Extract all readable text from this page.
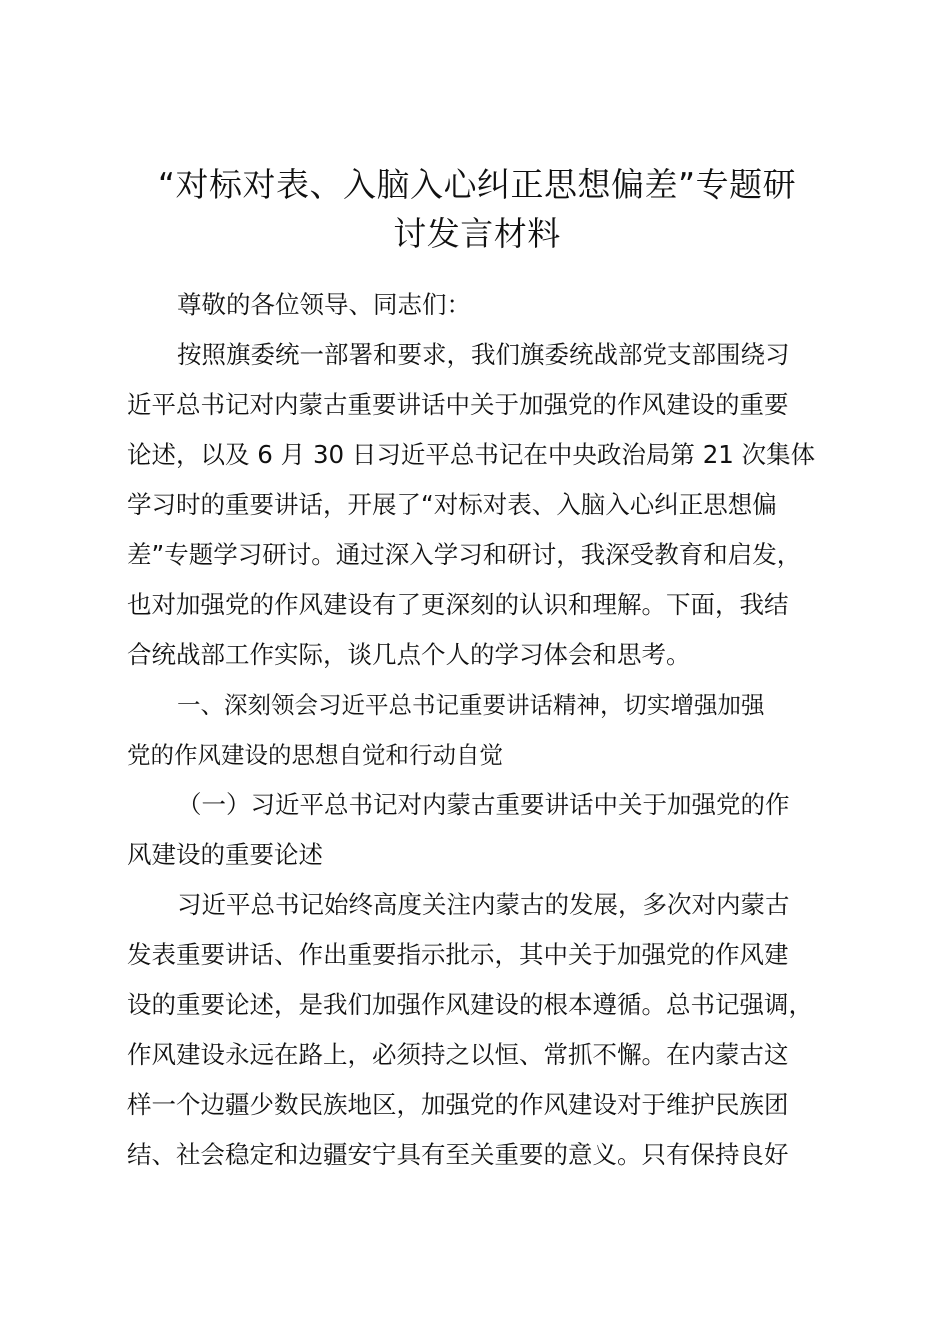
“对标对表、入脑入心纠正思想偏差”专题研
讨发言材料
尊敬的各位领导、同志们：
按照旗委统一部署和要求，我们旗委统战部党支部围绕习
近平总书记对内蒙古重要讲话中关于加强党的作风建设的重要
论述，以及 6 月 30 日习近平总书记在中央政治局第 21 次集体
学习时的重要讲话，开展了“对标对表、入脑入心纠正思想偏
差”专题学习研讨。通过深入学习和研讨，我深受教育和启发，
也对加强党的作风建设有了更深刻的认识和理解。下面，我结
合统战部工作实际，谈几点个人的学习体会和思考。
一、深刻领会习近平总书记重要讲话精神，切实增强加强
党的作风建设的思想自觉和行动自觉
（一）习近平总书记对内蒙古重要讲话中关于加强党的作
风建设的重要论述
习近平总书记始终高度关注内蒙古的发展，多次对内蒙古
发表重要讲话、作出重要指示批示，其中关于加强党的作风建
设的重要论述，是我们加强作风建设的根本遵循。总书记强调，
作风建设永远在路上，必须持之以恒、常抓不懈。在内蒙古这
样一个边疆少数民族地区，加强党的作风建设对于维护民族团
结、社会稳定和边疆安宁具有至关重要的意义。只有保持良好
